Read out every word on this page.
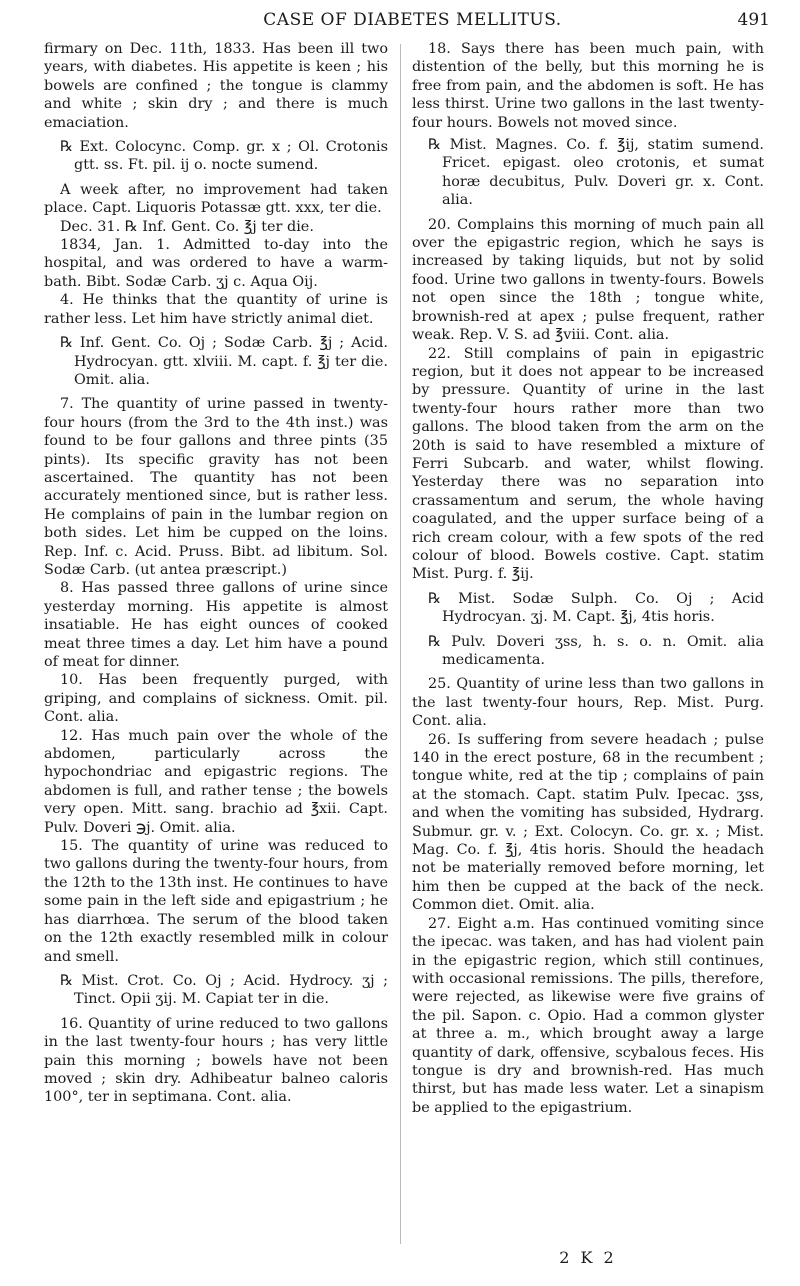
CASE OF DIABETES MELLITUS.	491

firmary on Dec. 11th, 1833. Has been ill two years, with diabetes. His appetite is keen ; his bowels are confined ; the tongue is clammy and white ; skin dry ; and there is much emaciation.

℞ Ext. Colocync. Comp. gr. x ; Ol. Crotonis gtt. ss. Ft. pil. ij o. nocte sumend.

A week after, no improvement had taken place. Capt. Liquoris Potassæ gtt. xxx, ter die.

Dec. 31. ℞ Inf. Gent. Co. ℥j ter die.

1834, Jan. 1. Admitted to-day into the hospital, and was ordered to have a warm-bath. Bibt. Sodæ Carb. ʒj c. Aqua Oij.

4. He thinks that the quantity of urine is rather less. Let him have strictly animal diet.

℞ Inf. Gent. Co. Oj ; Sodæ Carb. ℥j ; Acid. Hydrocyan. gtt. xlviii. M. capt. f. ℥j ter die. Omit. alia.

7. The quantity of urine passed in twenty-four hours (from the 3rd to the 4th inst.) was found to be four gallons and three pints (35 pints). Its specific gravity has not been ascertained. The quantity has not been accurately mentioned since, but is rather less. He complains of pain in the lumbar region on both sides. Let him be cupped on the loins. Rep. Inf. c. Acid. Pruss. Bibt. ad libitum. Sol. Sodæ Carb. (ut antea præscript.)

8. Has passed three gallons of urine since yesterday morning. His appetite is almost insatiable. He has eight ounces of cooked meat three times a day. Let him have a pound of meat for dinner.

10. Has been frequently purged, with griping, and complains of sickness. Omit. pil. Cont. alia.

12. Has much pain over the whole of the abdomen, particularly across the hypochondriac and epigastric regions. The abdomen is full, and rather tense ; the bowels very open. Mitt. sang. brachio ad ℥xii. Capt. Pulv. Doveri ℈j. Omit. alia.

15. The quantity of urine was reduced to two gallons during the twenty-four hours, from the 12th to the 13th inst. He continues to have some pain in the left side and epigastrium ; he has diarrhœa. The serum of the blood taken on the 12th exactly resembled milk in colour and smell.

℞ Mist. Crot. Co. Oj ; Acid. Hydrocy. ʒj ; Tinct. Opii ʒij. M. Capiat ter in die.

16. Quantity of urine reduced to two gallons in the last twenty-four hours ; has very little pain this morning ; bowels have not been moved ; skin dry. Adhibeatur balneo caloris 100°, ter in septimana. Cont. alia.

18. Says there has been much pain, with distention of the belly, but this morning he is free from pain, and the abdomen is soft. He has less thirst. Urine two gallons in the last twenty-four hours. Bowels not moved since.

℞ Mist. Magnes. Co. f. ℥ij, statim sumend. Fricet. epigast. oleo crotonis, et sumat horæ decubitus, Pulv. Doveri gr. x. Cont. alia.

20. Complains this morning of much pain all over the epigastric region, which he says is increased by taking liquids, but not by solid food. Urine two gallons in twenty-fours. Bowels not open since the 18th ; tongue white, brownish-red at apex ; pulse frequent, rather weak. Rep. V. S. ad ℥viii. Cont. alia.

22. Still complains of pain in epigastric region, but it does not appear to be increased by pressure. Quantity of urine in the last twenty-four hours rather more than two gallons. The blood taken from the arm on the 20th is said to have resembled a mixture of Ferri Subcarb. and water, whilst flowing. Yesterday there was no separation into crassamentum and serum, the whole having coagulated, and the upper surface being of a rich cream colour, with a few spots of the red colour of blood. Bowels costive. Capt. statim Mist. Purg. f. ℥ij.

℞ Mist. Sodæ Sulph. Co. Oj ; Acid Hydrocyan. ʒj. M. Capt. ℥j, 4tis horis.

℞ Pulv. Doveri ʒss, h. s. o. n. Omit. alia medicamenta.

25. Quantity of urine less than two gallons in the last twenty-four hours, Rep. Mist. Purg. Cont. alia.

26. Is suffering from severe headach ; pulse 140 in the erect posture, 68 in the recumbent ; tongue white, red at the tip ; complains of pain at the stomach. Capt. statim Pulv. Ipecac. ʒss, and when the vomiting has subsided, Hydrarg. Submur. gr. v. ; Ext. Colocyn. Co. gr. x. ; Mist. Mag. Co. f. ℥j, 4tis horis. Should the headach not be materially removed before morning, let him then be cupped at the back of the neck. Common diet. Omit. alia.

27. Eight a.m. Has continued vomiting since the ipecac. was taken, and has had violent pain in the epigastric region, which still continues, with occasional remissions. The pills, therefore, were rejected, as likewise were five grains of the pil. Sapon. c. Opio. Had a common glyster at three a. m., which brought away a large quantity of dark, offensive, scybalous feces. His tongue is dry and brownish-red. Has much thirst, but has made less water. Let a sinapism be applied to the epigastrium.

2 K 2
